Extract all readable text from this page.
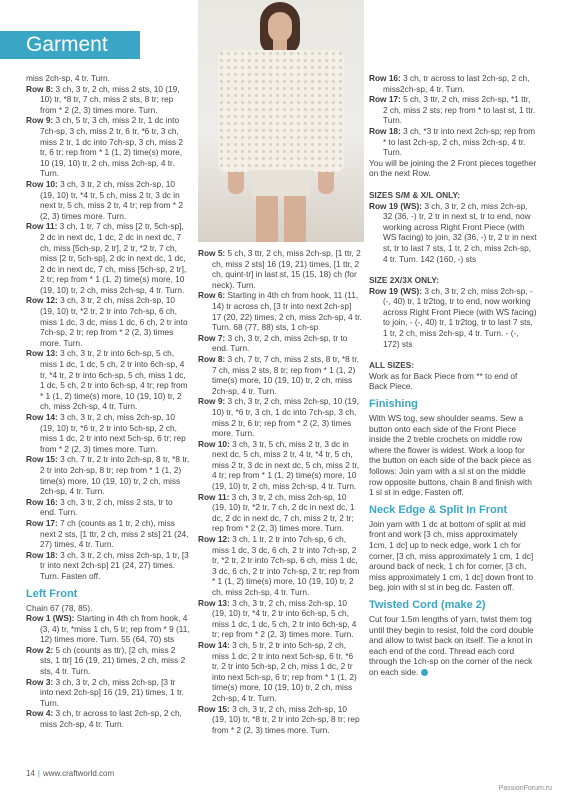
Garment

miss 2ch-sp, 4 tr. Turn.

Row 8: 3 ch, 3 tr, 2 ch, miss 2 sts, 10 (19, 10) tr, *8 tr, 7 ch, miss 2 sts, 8 tr; rep from * 2 (2, 3) times more. Turn.

Row 9: 3 ch, 5 tr, 3 ch, miss 2 tr, 1 dc into 7ch-sp, 3 ch, miss 2 tr, 6 tr, *6 tr, 3 ch, miss 2 tr, 1 dc into 7ch-sp, 3 ch, miss 2 tr, 6 tr; rep from * 1 (1, 2) time(s) more, 10 (19, 10) tr, 2 ch, miss 2ch-sp, 4 tr. Turn.

Row 10: 3 ch, 3 tr, 2 ch, miss 2ch-sp, 10 (19, 10) tr, *4 tr, 5 ch, miss 2 tr, 3 dc in next tr, 5 ch, miss 2 tr, 4 tr; rep from * 2 (2, 3) times more. Turn.

Row 11: 3 ch, 1 tr, 7 ch, miss [2 tr, 5ch-sp], 2 dc in next dc, 1 dc, 2 dc in next dc, 7 ch, miss [5ch-sp, 2 tr], 2 tr, *2 tr, 7 ch, miss [2 tr, 5ch-sp], 2 dc in next dc, 1 dc, 2 dc in next dc, 7 ch, miss [5ch-sp, 2 tr], 2 tr; rep from * 1 (1, 2) time(s) more, 10 (19, 10) tr, 2 ch, miss 2ch-sp, 4 tr. Turn.

Row 12: 3 ch, 3 tr, 2 ch, miss 2ch-sp, 10 (19, 10) tr, *2 tr, 2 tr into 7ch-sp, 6 ch, miss 1 dc, 3 dc, miss 1 dc, 6 ch, 2 tr into 7ch-sp, 2 tr; rep from * 2 (2, 3) times more. Turn.

Row 13: 3 ch, 3 tr, 2 tr into 6ch-sp, 5 ch, miss 1 dc, 1 dc, 5 ch, 2 tr into 6ch-sp, 4 tr, *4 tr, 2 tr into 6ch-sp, 5 ch, miss 1 dc, 1 dc, 5 ch, 2 tr into 6ch-sp, 4 tr; rep from * 1 (1, 2) time(s) more, 10 (19, 10) tr, 2 ch, miss 2ch-sp, 4 tr. Turn.

Row 14: 3 ch, 3 tr, 2 ch, miss 2ch-sp, 10 (19, 10) tr, *6 tr, 2 tr into 5ch-sp, 2 ch, miss 1 dc, 2 tr into next 5ch-sp, 6 tr; rep from * 2 (2, 3) times more. Turn.

Row 15: 3 ch, 7 tr, 2 tr into 2ch-sp, 8 tr, *8 tr, 2 tr into 2ch-sp, 8 tr; rep from * 1 (1, 2) time(s) more, 10 (19, 10) tr, 2 ch, miss 2ch-sp, 4 tr. Turn.

Row 16: 3 ch, 3 tr, 2 ch, miss 2 sts, tr to end. Turn.

Row 17: 7 ch (counts as 1 tr, 2 ch), miss next 2 sts, [1 ttr, 2 ch, miss 2 sts] 21 (24, 27) times, 4 tr. Turn.

Row 18: 3 ch, 3 tr, 2 ch, miss 2ch-sp, 1 tr, [3 tr into next 2ch-sp] 21 (24, 27) times. Turn. Fasten off.

Left Front

Chain 67 (78, 85).

Row 1 (WS): Starting in 4th ch from hook, 4 (3, 4) tr, *miss 1 ch, 5 tr; rep from * 9 (11, 12) times more. Turn. 55 (64, 70) sts

Row 2: 5 ch (counts as ttr), [2 ch, miss 2 sts, 1 ttr] 16 (19, 21) times, 2 ch, miss 2 sts, 4 tr. Turn.

Row 3: 3 ch, 3 tr, 2 ch, miss 2ch-sp, [3 tr into next 2ch-sp] 16 (19, 21) times, 1 tr. Turn.

Row 4: 3 ch, tr across to last 2ch-sp, 2 ch, miss 2ch-sp, 4 tr. Turn.

Row 5: 5 ch, 3 ttr, 2 ch, miss 2ch-sp, [1 ttr, 2 ch, miss 2 sts] 16 (19, 21) times, [1 ttr, 2 ch, quint-tr] in last st, 15 (15, 18) ch (for neck). Turn.

Row 6: Starting in 4th ch from hook, 11 (11, 14) tr across ch, [3 tr into next 2ch-sp] 17 (20, 22) times, 2 ch, miss 2ch-sp, 4 tr. Turn. 68 (77, 88) sts, 1 ch-sp

Row 7: 3 ch, 3 tr, 2 ch, miss 2ch-sp, tr to end. Turn.

Row 8: 3 ch, 7 tr, 7 ch, miss 2 sts, 8 tr, *8 tr, 7 ch, miss 2 sts, 8 tr; rep from * 1 (1, 2) time(s) more, 10 (19, 10) tr, 2 ch, miss 2ch-sp, 4 tr. Turn.

Row 9: 3 ch, 3 tr, 2 ch, miss 2ch-sp, 10 (19, 10) tr, *6 tr, 3 ch, 1 dc into 7ch-sp, 3 ch, miss 2 tr, 6 tr; rep from * 2 (2, 3) times more. Turn.

Row 10: 3 ch, 3 tr, 5 ch, miss 2 tr, 3 dc in next dc, 5 ch, miss 2 tr, 4 tr, *4 tr, 5 ch, miss 2 tr, 3 dc in next dc, 5 ch, miss 2 tr, 4 tr; rep from * 1 (1, 2) time(s) more, 10 (19, 10) tr, 2 ch, miss 2ch-sp, 4 tr. Turn.

Row 11: 3 ch, 3 tr, 2 ch, miss 2ch-sp, 10 (19, 10) tr, *2 tr, 7 ch, 2 dc in next dc, 1 dc, 2 dc in next dc, 7 ch, miss 2 tr, 2 tr; rep from * 2 (2, 3) times more. Turn.

Row 12: 3 ch, 1 tr, 2 tr into 7ch-sp, 6 ch, miss 1 dc, 3 dc, 6 ch, 2 tr into 7ch-sp, 2 tr, *2 tr, 2 tr into 7ch-sp, 6 ch, miss 1 dc, 3 dc, 6 ch, 2 tr into 7ch-sp, 2 tr; rep from * 1 (1, 2) time(s) more, 10 (19, 10) tr, 2 ch, miss 2ch-sp, 4 tr. Turn.

Row 13: 3 ch, 3 tr, 2 ch, miss 2ch-sp, 10 (19, 10) tr, *4 tr, 2 tr into 6ch-sp, 5 ch, miss 1 dc, 1 dc, 5 ch, 2 tr into 6ch-sp, 4 tr; rep from * 2 (2, 3) times more. Turn.

Row 14: 3 ch, 5 tr, 2 tr into 5ch-sp, 2 ch, miss 1 dc, 2 tr into next 5ch-sp, 6 tr, *6 tr, 2 tr into 5ch-sp, 2 ch, miss 1 dc, 2 tr into next 5ch-sp, 6 tr; rep from * 1 (1, 2) time(s) more, 10 (19, 10) tr, 2 ch, miss 2ch-sp, 4 tr. Turn.

Row 15: 3 ch, 3 tr, 2 ch, miss 2ch-sp, 10 (19, 10) tr, *8 tr, 2 tr into 2ch-sp, 8 tr; rep from * 2 (2, 3) times more. Turn.

Row 16: 3 ch, tr across to last 2ch-sp, 2 ch, miss2ch-sp, 4 tr. Turn.

Row 17: 5 ch, 3 ttr, 2 ch, miss 2ch-sp, *1 ttr, 2 ch, miss 2 sts; rep from * to last st, 1 ttr. Turn.

Row 18: 3 ch, *3 tr into next 2ch-sp; rep from * to last 2ch-sp, 2 ch, miss 2ch-sp, 4 tr. Turn.

You will be joining the 2 Front pieces together on the next Row.

SIZES S/M & X/L ONLY:

Row 19 (WS): 3 ch, 3 tr, 2 ch, miss 2ch-sp, 32 (36, -) tr, 2 tr in next st, tr to end, now working across Right Front Piece (with WS facing) to join, 32 (36, -) tr, 2 tr in next st, tr to last 7 sts, 1 tr, 2 ch, miss 2ch-sp, 4 tr. Turn. 142 (160, -) sts

SIZE 2X/3X ONLY:

Row 19 (WS): 3 ch, 3 tr, 2 ch, miss 2ch-sp, - (-, 40) tr, 1 tr2tog, tr to end, now working across Right Front Piece (with WS facing) to join, - (-, 40) tr, 1 tr2tog, tr to last 7 sts, 1 tr, 2 ch, miss 2ch-sp, 4 tr. Turn. - (-, 172) sts

ALL SIZES:

Work as for Back Piece from ** to end of Back Piece.

Finishing

With WS tog, sew shoulder seams. Sew a button onto each side of the Front Piece inside the 2 treble crochets on middle row where the flower is widest. Work a loop for the button on each side of the back piece as follows: Join yarn with a sl st on the middle row opposite buttons, chain 8 and finish with 1 sl st in edge. Fasten off.

Neck Edge & Split In Front

Join yarn with 1 dc at bottom of split at mid front and work [3 ch, miss approximately 1cm, 1 dc] up to neck edge, work 1 ch for corner, [3 ch, miss approximately 1 cm, 1 dc] around back of neck, 1 ch for corner, [3 ch, miss approximately 1 cm, 1 dc] down front to beg, join with sl st in beg dc. Fasten off.

Twisted Cord (make 2)

Cut four 1.5m lengths of yarn, twist them tog until they begin to resist, fold the cord double and allow to twist back on itself. Tie a knot in each end of the cord. Thread each cord through the 1ch-sp on the corner of the neck on each side.

14 | www.craftworld.com
PassionForum.ru
